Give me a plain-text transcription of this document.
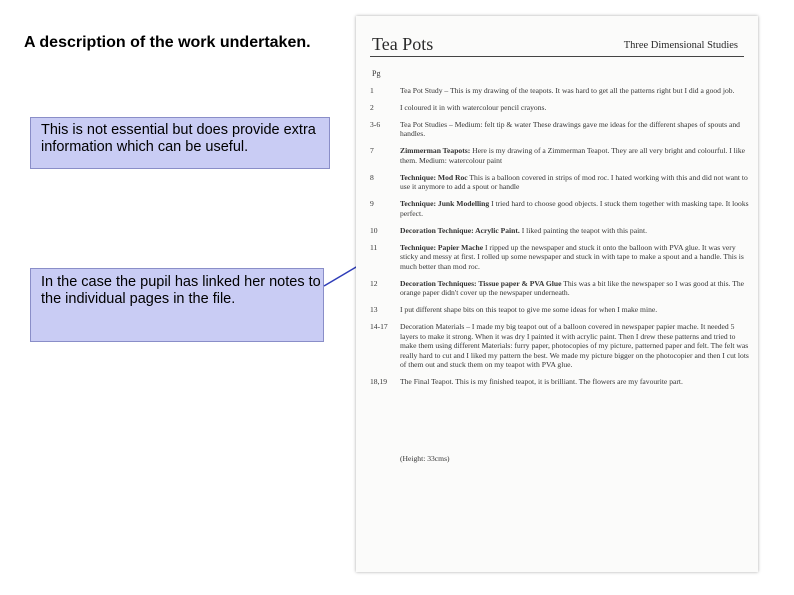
A description of the work undertaken.
This is not essential but does provide extra information which can be useful.
In the case the pupil has linked her notes to the individual pages in the file.
Tea Pots	Three Dimensional Studies
Pg
1	Tea Pot Study – This is my drawing of the teapots. It was hard to get all the patterns right but I did a good job.
2	I coloured it in with watercolour pencil crayons.
3-6	Tea Pot Studies – Medium: felt tip & water These drawings gave me ideas for the different shapes of spouts and handles.
7	Zimmerman Teapots: Here is my drawing of a Zimmerman Teapot. They are all very bright and colourful. I like them. Medium: watercolour paint
8	Technique: Mod Roc This is a balloon covered in strips of mod roc. I hated working with this and did not want to use it anymore to add a spout or handle
9	Technique: Junk Modelling I tried hard to choose good objects. I stuck them together with masking tape. It looks perfect.
10	Decoration Technique: Acrylic Paint. I liked painting the teapot with this paint.
11	Technique: Papier Mache I ripped up the newspaper and stuck it onto the balloon with PVA glue. It was very sticky and messy at first. I rolled up some newspaper and stuck in with tape to make a spout and a handle. This is much better than mod roc.
12	Decoration Techniques: Tissue paper & PVA Glue This was a bit like the newspaper so I was good at this. The orange paper didn't cover up the newspaper underneath.
13	I put different shape bits on this teapot to give me some ideas for when I make mine.
14-17	Decoration Materials – I made my big teapot out of a balloon covered in newspaper papier mache. It needed 5 layers to make it strong. When it was dry I painted it with acrylic paint. Then I drew these patterns and tried to make them using different Materials: furry paper, photocopies of my picture, patterned paper and felt. The felt was really hard to cut and I liked my pattern the best. We made my picture bigger on the photocopier and then I cut lots of them out and stuck them on my teapot with PVA glue.
18,19	The Final Teapot. This is my finished teapot, it is brilliant. The flowers are my favourite part.
(Height: 33cms)
